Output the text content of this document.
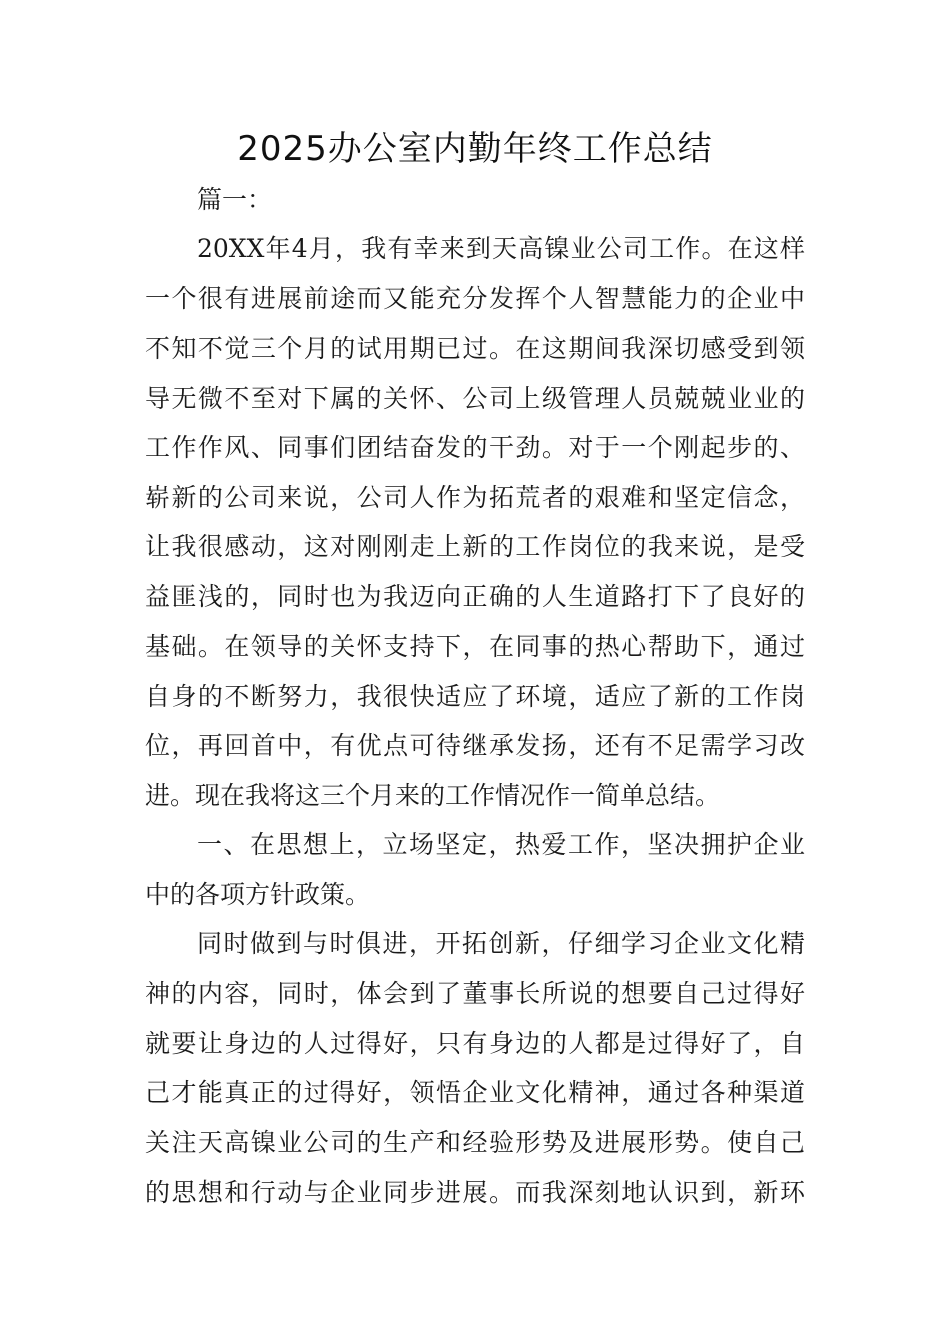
2025办公室内勤年终工作总结
篇一：
20XX年4月，我有幸来到天高镍业公司工作。在这样
一个很有进展前途而又能充分发挥个人智慧能力的企业中
不知不觉三个月的试用期已过。在这期间我深切感受到领
导无微不至对下属的关怀、公司上级管理人员兢兢业业的
工作作风、同事们团结奋发的干劲。对于一个刚起步的、
崭新的公司来说，公司人作为拓荒者的艰难和坚定信念，
让我很感动，这对刚刚走上新的工作岗位的我来说，是受
益匪浅的，同时也为我迈向正确的人生道路打下了良好的
基础。在领导的关怀支持下，在同事的热心帮助下，通过
自身的不断努力，我很快适应了环境，适应了新的工作岗
位，再回首中，有优点可待继承发扬，还有不足需学习改
进。现在我将这三个月来的工作情况作一简单总结。
一、在思想上，立场坚定，热爱工作，坚决拥护企业
中的各项方针政策。
同时做到与时俱进，开拓创新，仔细学习企业文化精
神的内容，同时，体会到了董事长所说的想要自己过得好
就要让身边的人过得好，只有身边的人都是过得好了，自
己才能真正的过得好，领悟企业文化精神，通过各种渠道
关注天高镍业公司的生产和经验形势及进展形势。使自己
的思想和行动与企业同步进展。而我深刻地认识到，新环
